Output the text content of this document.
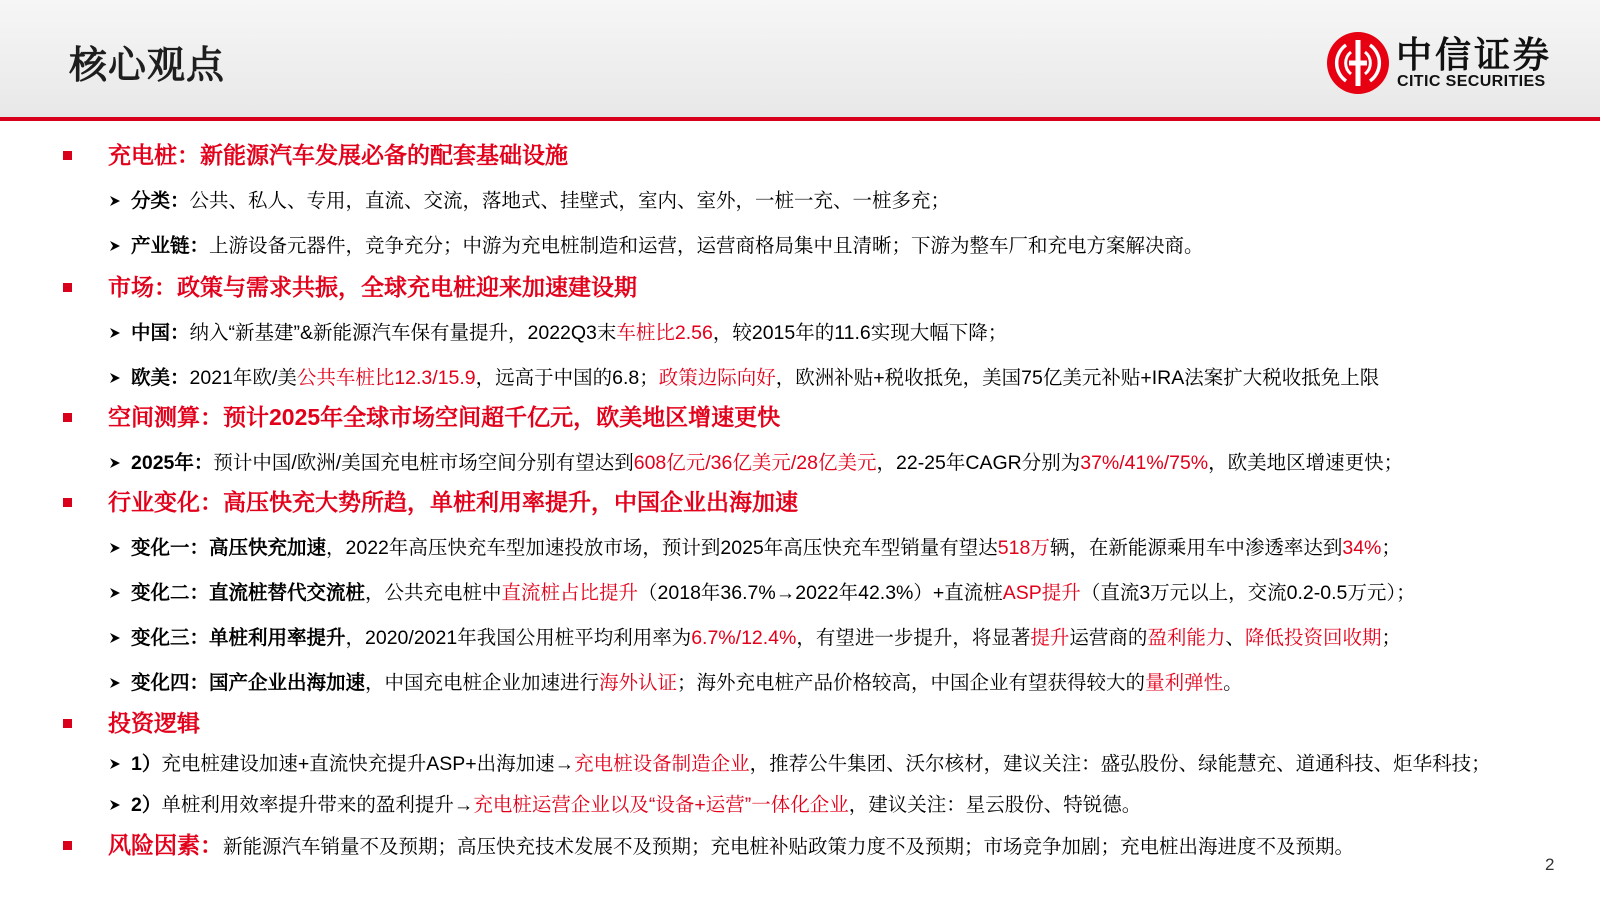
核心观点	中信证券
CITIC SECURITIES
充电桩：新能源汽车发展必备的配套基础设施
分类：公共、私人、专用，直流、交流，落地式、挂壁式，室内、室外，一桩一充、一桩多充；
产业链：上游设备元器件，竞争充分；中游为充电桩制造和运营，运营商格局集中且清晰；下游为整车厂和充电方案解决商。
市场：政策与需求共振，全球充电桩迎来加速建设期
中国：纳入“新基建”&新能源汽车保有量提升，2022Q3末车桩比2.56，较2015年的11.6实现大幅下降；
欧美：2021年欧/美公共车桩比12.3/15.9，远高于中国的6.8；政策边际向好，欧洲补贴+税收抵免，美国75亿美元补贴+IRA法案扩大税收抵免上限
空间测算：预计2025年全球市场空间超千亿元，欧美地区增速更快
2025年：预计中国/欧洲/美国充电桩市场空间分别有望达到608亿元/36亿美元/28亿美元，22-25年CAGR分别为37%/41%/75%，欧美地区增速更快；
行业变化：高压快充大势所趋，单桩利用率提升，中国企业出海加速
变化一：高压快充加速，2022年高压快充车型加速投放市场，预计到2025年高压快充车型销量有望达518万辆，在新能源乘用车中渗透率达到34%；
变化二：直流桩替代交流桩，公共充电桩中直流桩占比提升（2018年36.7%→2022年42.3%）+直流桩ASP提升（直流3万元以上，交流0.2-0.5万元）；
变化三：单桩利用率提升，2020/2021年我国公用桩平均利用率为6.7%/12.4%，有望进一步提升，将显著提升运营商的盈利能力、降低投资回收期；
变化四：国产企业出海加速，中国充电桩企业加速进行海外认证；海外充电桩产品价格较高，中国企业有望获得较大的量利弹性。
投资逻辑
1）充电桩建设加速+直流快充提升ASP+出海加速→充电桩设备制造企业，推荐公牛集团、沃尔核材，建议关注：盛弘股份、绿能慧充、道通科技、炬华科技；
2）单桩利用效率提升带来的盈利提升→充电桩运营企业以及“设备+运营”一体化企业，建议关注：星云股份、特锐德。
风险因素：新能源汽车销量不及预期；高压快充技术发展不及预期；充电桩补贴政策力度不及预期；市场竞争加剧；充电桩出海进度不及预期。
2
